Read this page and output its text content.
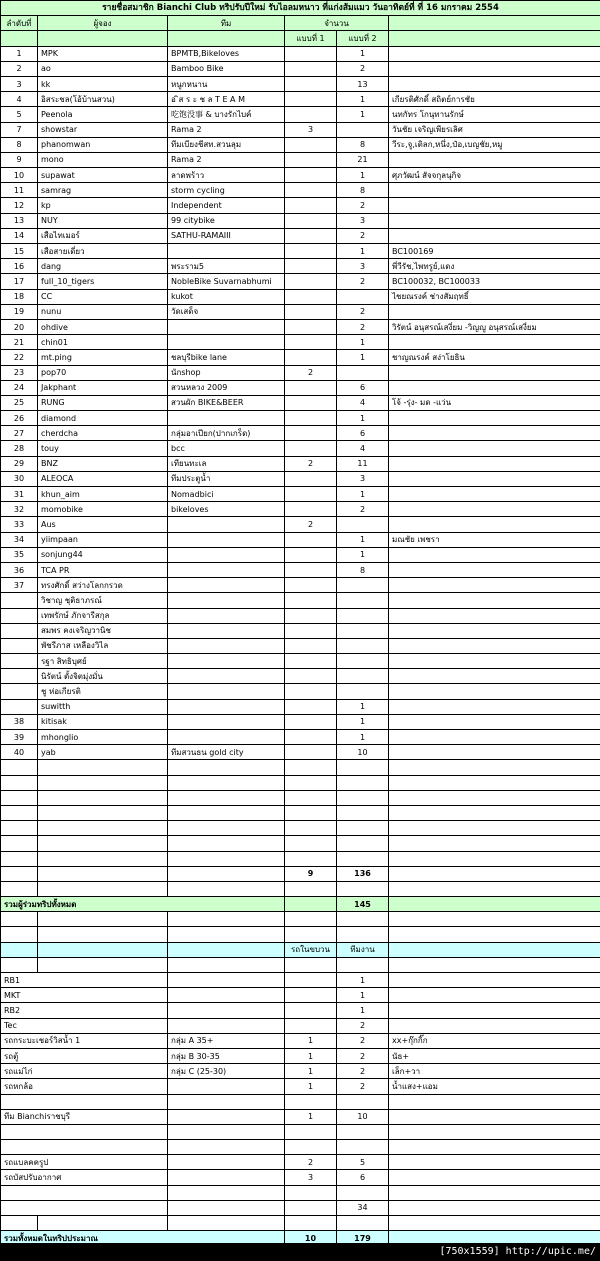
รายชื่อสมาชิก Bianchi Club ทริปรับปีใหม่ รับไอลมหนาว ที่แก่งส้มแมว วันอาทิตย์ที่ ที่ 16 มกราคม 2554					
ลำดับที่	ผู้จอง	ทีม	จำนวน		
			แบบที่ 1	แบบที่ 2	
1	MPK	BPMTB,Bikeloves		1	
2	ao	Bamboo Bike		2	
3	kk	หนูกหนาน		13	
4	อิสระชล(โอ้บ้านสวน)	อ ิส ร ะ ช ล T E A M		1	เกียรติศักดิ์ สถิตย์การชัย
5	Peenola	吃饱没事 & บางรักไบค์		1	นทกัทร โกนุทานรักษ์
7	showstar	Rama 2	3		วันชัย เจริญเพียรเลิศ
8	phanomwan	ทีมเบียงชีสท.สวนลุม		8	วีระ,จู,เติลก,หนึ่ง,ป๋อ,เบญชัย,หมู
9	mono	Rama 2		21	
10	supawat	ลาดพร้าว		1	ศุภวัฒน์ สัจจกุลนุกิจ
11	samrag	storm cycling		8	
12	kp	Independent		2	
13	NUY	99 citybike		3	
14	เสือไทเมอร์	SATHU-RAMAIII		2	
15	เสือสายเดี่ยว			1	BC100169
16	dang	พระราม5		3	พี่วีรัช,ไพทรูย์,แดง
17	full_10_tigers	NobleBike Suvarnabhumi		2	BC100032, BC100033
18	CC	kukot			ไชยณรงค์ ช่างสัมฤทธิ์
19	nunu	วัดเสด็จ		2	
20	ohdive			2	วิรัตน์ อนุสรณ์เสงี่ยม -วิญญู อนุสรณ์เสงี่ยม
21	chin01			1	
22	mt.ping	ชลบุรีbike lane		1	ชาญณรงค์ สง่าโยธิน
23	pop70	นักshop	2		
24	Jakphant	สวนหลวง 2009		6	
25	RUNG	สวนผัก BIKE&BEER		4	โจ้ -รุ่ง- มด -แว่น
26	diamond			1	
27	cherdcha	กลุ่มอาเปียก(ปากเกร็ด)		6	
28	touy	bcc		4	
29	BNZ	เทียนทะเล	2	11	
30	ALEOCA	ทีมประตูน้ำ		3	
31	khun_aim	Nomadbici		1	
32	momobike	bikeloves		2	
33	Aus		2		
34	yiimpaan			1	มณชัย เพชรา
35	sonjung44			1	
36	TCA PR			8	
37	ทรงศักดิ์ สว่างโลกกรวด				
	วิชาญ ชุติธาภรณ์				
	เทพรักษ์ ภักจารีสกุล				
	สมพร คงเจริญวานิช				
	พัชรีภาส เหลืองวิไล				
	รฐา สิทธิบุศย์				
	นิรัตน์ ตั้งจิตมุ่งมั่น				
	ชู ห่อเกียรติ				
	suwitth			1	
38	kitisak			1	
39	mhonglio			1	
40	yab	ทีมสวนธน gold city		10	

			9	136	

รวมผู้ร่วมทริปทั้งหมด				145	

			รถในขบวน	ทีมงาน	

RB1				1	
MKT				1	
RB2				1	
Tec				2	
รถกระบะเชอร์วิสน้ำ 1		กลุ่ม A 35+	1	2	xx+กุ๊กกิ๊ก
รถตู้		กลุ่ม B 30-35	1	2	นัธ+
รถแม่ไก่		กลุ่ม C (25-30)	1	2	เล็ก+วา
รถหกล้อ			1	2	น้ำแสง+แอม

ทีม Bianchiราชบุรี			1	10	

รถแบลคครูป			2	5	
รถบัสปรับอากาศ			3	6	

				34	

รวมทั้งหมดในทริปประมาณ			10	179	
[750x1559] http://upic.me/
